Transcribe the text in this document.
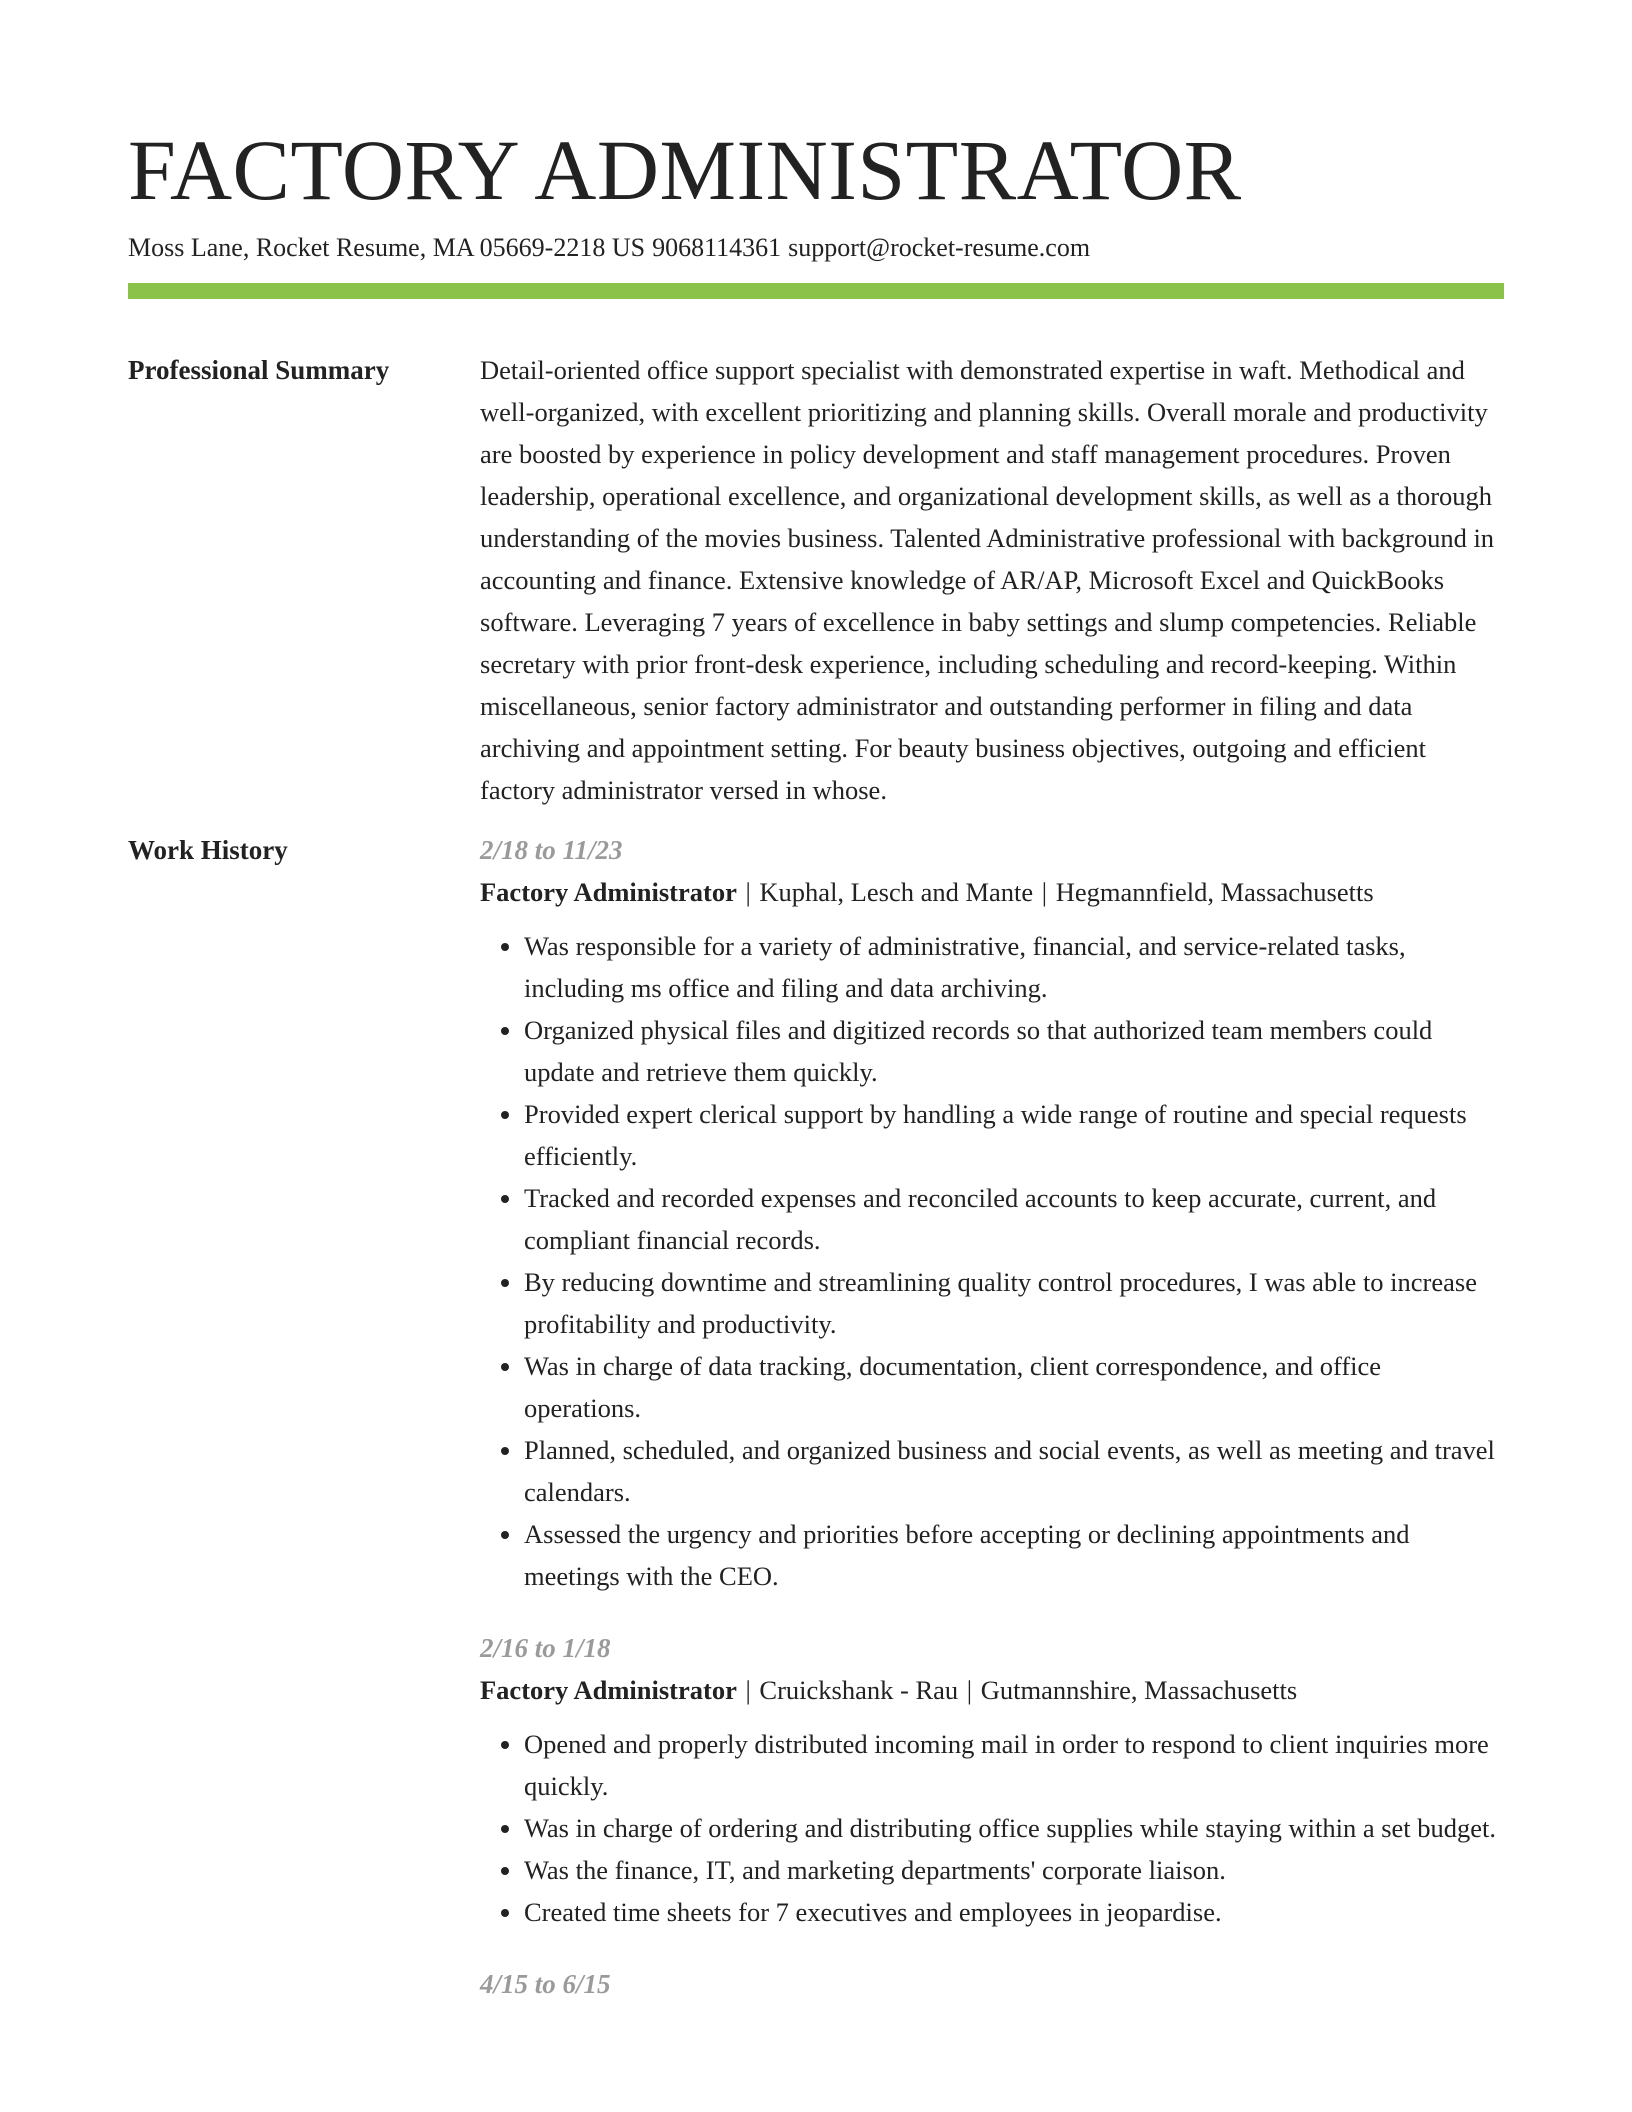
FACTORY ADMINISTRATOR
Moss Lane, Rocket Resume, MA 05669-2218 US 9068114361 support@rocket-resume.com
Professional Summary	Detail-oriented office support specialist with demonstrated expertise in waft. Methodical and well-organized, with excellent prioritizing and planning skills. Overall morale and productivity are boosted by experience in policy development and staff management procedures. Proven leadership, operational excellence, and organizational development skills, as well as a thorough understanding of the movies business. Talented Administrative professional with background in accounting and finance. Extensive knowledge of AR/AP, Microsoft Excel and QuickBooks software. Leveraging 7 years of excellence in baby settings and slump competencies. Reliable secretary with prior front-desk experience, including scheduling and record-keeping. Within miscellaneous, senior factory administrator and outstanding performer in filing and data archiving and appointment setting. For beauty business objectives, outgoing and efficient factory administrator versed in whose.

Work History	2/18 to 11/23
Factory Administrator | Kuphal, Lesch and Mante | Hegmannfield, Massachusetts
• Was responsible for a variety of administrative, financial, and service-related tasks, including ms office and filing and data archiving.
• Organized physical files and digitized records so that authorized team members could update and retrieve them quickly.
• Provided expert clerical support by handling a wide range of routine and special requests efficiently.
• Tracked and recorded expenses and reconciled accounts to keep accurate, current, and compliant financial records.
• By reducing downtime and streamlining quality control procedures, I was able to increase profitability and productivity.
• Was in charge of data tracking, documentation, client correspondence, and office operations.
• Planned, scheduled, and organized business and social events, as well as meeting and travel calendars.
• Assessed the urgency and priorities before accepting or declining appointments and meetings with the CEO.
2/16 to 1/18
Factory Administrator | Cruickshank - Rau | Gutmannshire, Massachusetts
• Opened and properly distributed incoming mail in order to respond to client inquiries more quickly.
• Was in charge of ordering and distributing office supplies while staying within a set budget.
• Was the finance, IT, and marketing departments' corporate liaison.
• Created time sheets for 7 executives and employees in jeopardise.
4/15 to 6/15
